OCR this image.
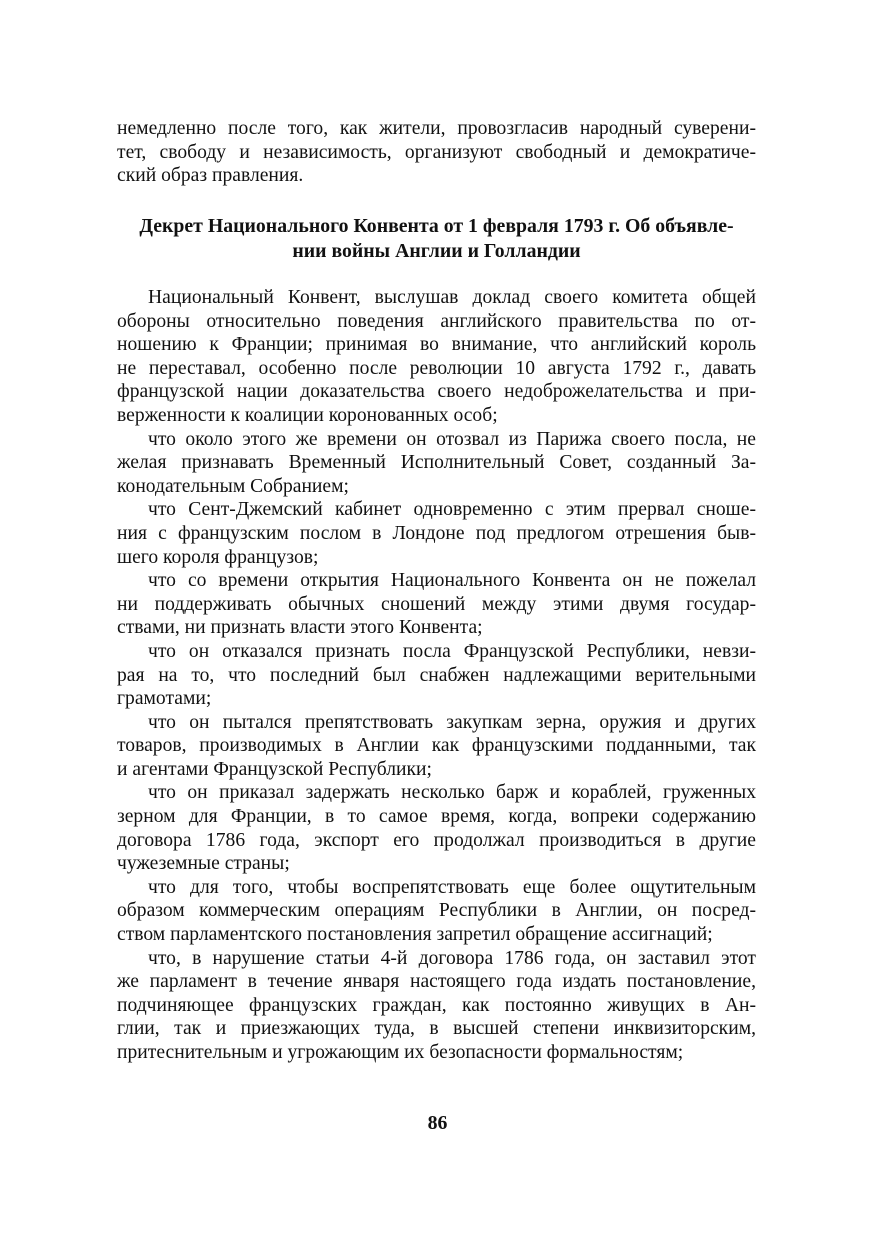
немедленно после того, как жители, провозгласив народный суверени-
тет, свободу и независимость, организуют свободный и демократиче-
ский образ правления.
Декрет Национального Конвента от 1 февраля 1793 г. Об объявле-
нии войны Англии и Голландии
Национальный Конвент, выслушав доклад своего комитета общей
обороны относительно поведения английского правительства по от-
ношению к Франции; принимая во внимание, что английский король
не переставал, особенно после революции 10 августа 1792 г., давать
французской нации доказательства своего недоброжелательства и при-
верженности к коалиции коронованных особ;
что около этого же времени он отозвал из Парижа своего посла, не
желая признавать Временный Исполнительный Совет, созданный За-
конодательным Собранием;
что Сент-Джемский кабинет одновременно с этим прервал сноше-
ния с французским послом в Лондоне под предлогом отрешения быв-
шего короля французов;
что со времени открытия Национального Конвента он не пожелал
ни поддерживать обычных сношений между этими двумя государ-
ствами, ни признать власти этого Конвента;
что он отказался признать посла Французской Республики, невзи-
рая на то, что последний был снабжен надлежащими верительными
грамотами;
что он пытался препятствовать закупкам зерна, оружия и других
товаров, производимых в Англии как французскими подданными, так
и агентами Французской Республики;
что он приказал задержать несколько барж и кораблей, груженных
зерном для Франции, в то самое время, когда, вопреки содержанию
договора 1786 года, экспорт его продолжал производиться в другие
чужеземные страны;
что для того, чтобы воспрепятствовать еще более ощутительным
образом коммерческим операциям Республики в Англии, он посред-
ством парламентского постановления запретил обращение ассигнаций;
что, в нарушение статьи 4-й договора 1786 года, он заставил этот
же парламент в течение января настоящего года издать постановление,
подчиняющее французских граждан, как постоянно живущих в Ан-
глии, так и приезжающих туда, в высшей степени инквизиторским,
притеснительным и угрожающим их безопасности формальностям;
86
